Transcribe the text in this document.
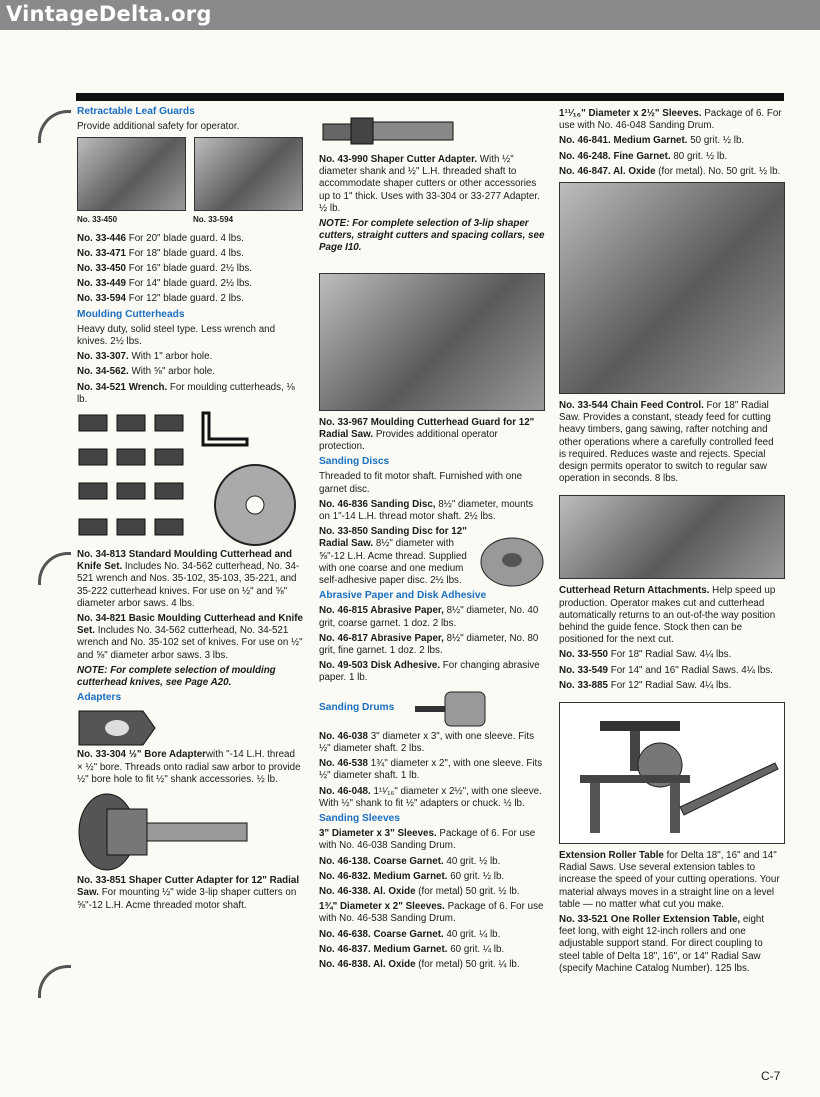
VintageDelta.org
Retractable Leaf Guards

Provide additional safety for operator.

No. 33-450	No. 33-594

No. 33-446 For 20" blade guard. 4 lbs.

No. 33-471 For 18" blade guard. 4 lbs.

No. 33-450 For 16" blade guard. 2½ lbs.

No. 33-449 For 14" blade guard. 2½ lbs.

No. 33-594 For 12" blade guard. 2 lbs.

Moulding Cutterheads

Heavy duty, solid steel type. Less wrench and knives. 2½ lbs.

No. 33-307. With 1" arbor hole.

No. 34-562. With ⅝" arbor hole.

No. 34-521 Wrench. For moulding cutterheads, ⅛ lb.

No. 34-813 Standard Moulding Cutterhead and Knife Set. Includes No. 34-562 cutterhead, No. 34-521 wrench and Nos. 35-102, 35-103, 35-221, and 35-222 cutterhead knives. For use on ½" and ⅝" diameter arbor saws. 4 lbs.

No. 34-821 Basic Moulding Cutterhead and Knife Set. Includes No. 34-562 cutterhead, No. 34-521 wrench and No. 35-102 set of knives. For use on ½" and ⅝" diameter arbor saws. 3 lbs.

NOTE: For complete selection of moulding cutterhead knives, see Page A20.

Adapters

No. 33-304 ½" Bore Adapterwith "-14 L.H. thread × ½" bore. Threads onto radial saw arbor to provide ½" bore hole to fit ½" shank accessories. ½ lb.

No. 33-851 Shaper Cutter Adapter for 12" Radial Saw. For mounting ½" wide 3-lip shaper cutters on ⅝"-12 L.H. Acme threaded motor shaft.

No. 43-990 Shaper Cutter Adapter. With ½" diameter shank and ½" L.H. threaded shaft to accommodate shaper cutters or other accessories up to 1" thick. Uses with 33-304 or 33-277 Adapter. ½ lb.

NOTE: For complete selection of 3-lip shaper cutters, straight cutters and spacing collars, see Page I10.

No. 33-967 Moulding Cutterhead Guard for 12" Radial Saw. Provides additional operator protection.

Sanding Discs

Threaded to fit motor shaft. Furnished with one garnet disc.

No. 46-836 Sanding Disc, 8½" diameter, mounts on 1"-14 L.H. thread motor shaft. 2½ lbs.

No. 33-850 Sanding Disc for 12" Radial Saw. 8½" diameter with ⅝"-12 L.H. Acme thread. Supplied with one coarse and one medium self-adhesive paper disc. 2½ lbs.

Abrasive Paper and Disk Adhesive

No. 46-815 Abrasive Paper, 8½" diameter, No. 40 grit, coarse garnet. 1 doz. 2 lbs.

No. 46-817 Abrasive Paper, 8½" diameter, No. 80 grit, fine garnet. 1 doz. 2 lbs.

No. 49-503 Disk Adhesive. For changing abrasive paper. 1 lb.

Sanding Drums

No. 46-038 3" diameter x 3", with one sleeve. Fits ½" diameter shaft. 2 lbs.

No. 46-538 1¾" diameter x 2", with one sleeve. Fits ½" diameter shaft. 1 lb.

No. 46-048. 1¹¹⁄₁₆" diameter x 2½", with one sleeve. With ½" shank to fit ½" adapters or chuck. ½ lb.

Sanding Sleeves

3" Diameter x 3" Sleeves. Package of 6. For use with No. 46-038 Sanding Drum.

No. 46-138. Coarse Garnet. 40 grit. ½ lb.

No. 46-832. Medium Garnet. 60 grit. ½ lb.

No. 46-338. Al. Oxide (for metal) 50 grit. ½ lb.

1¾" Diameter x 2" Sleeves. Package of 6. For use with No. 46-538 Sanding Drum.

No. 46-638. Coarse Garnet. 40 grit. ¼ lb.

No. 46-837. Medium Garnet. 60 grit. ¼ lb.

No. 46-838. Al. Oxide (for metal) 50 grit. ¼ lb.

1¹¹⁄₁₆" Diameter x 2½" Sleeves. Package of 6. For use with No. 46-048 Sanding Drum.

No. 46-841. Medium Garnet. 50 grit. ½ lb.

No. 46-248. Fine Garnet. 80 grit. ½ lb.

No. 46-847. Al. Oxide (for metal). No. 50 grit. ½ lb.

No. 33-544 Chain Feed Control. For 18" Radial Saw. Provides a constant, steady feed for cutting heavy timbers, gang sawing, rafter notching and other operations where a carefully controlled feed is required. Reduces waste and rejects. Special design permits operator to switch to regular saw operation in seconds. 8 lbs.

Cutterhead Return Attachments. Help speed up production. Operator makes cut and cutterhead automatically returns to an out-of-the way position behind the guide fence. Stock then can be positioned for the next cut.

No. 33-550 For 18" Radial Saw. 4¼ lbs.

No. 33-549 For 14" and 16" Radial Saws. 4¼ lbs.

No. 33-885 For 12" Radial Saw. 4¼ lbs.

Extension Roller Table for Delta 18", 16" and 14" Radial Saws. Use several extension tables to increase the speed of your cutting operations. Your material always moves in a straight line on a level table — no matter what cut you make.

No. 33-521 One Roller Extension Table, eight feet long, with eight 12-inch rollers and one adjustable support stand. For direct coupling to steel table of Delta 18", 16", or 14" Radial Saw (specify Machine Catalog Number). 125 lbs.

C-7
